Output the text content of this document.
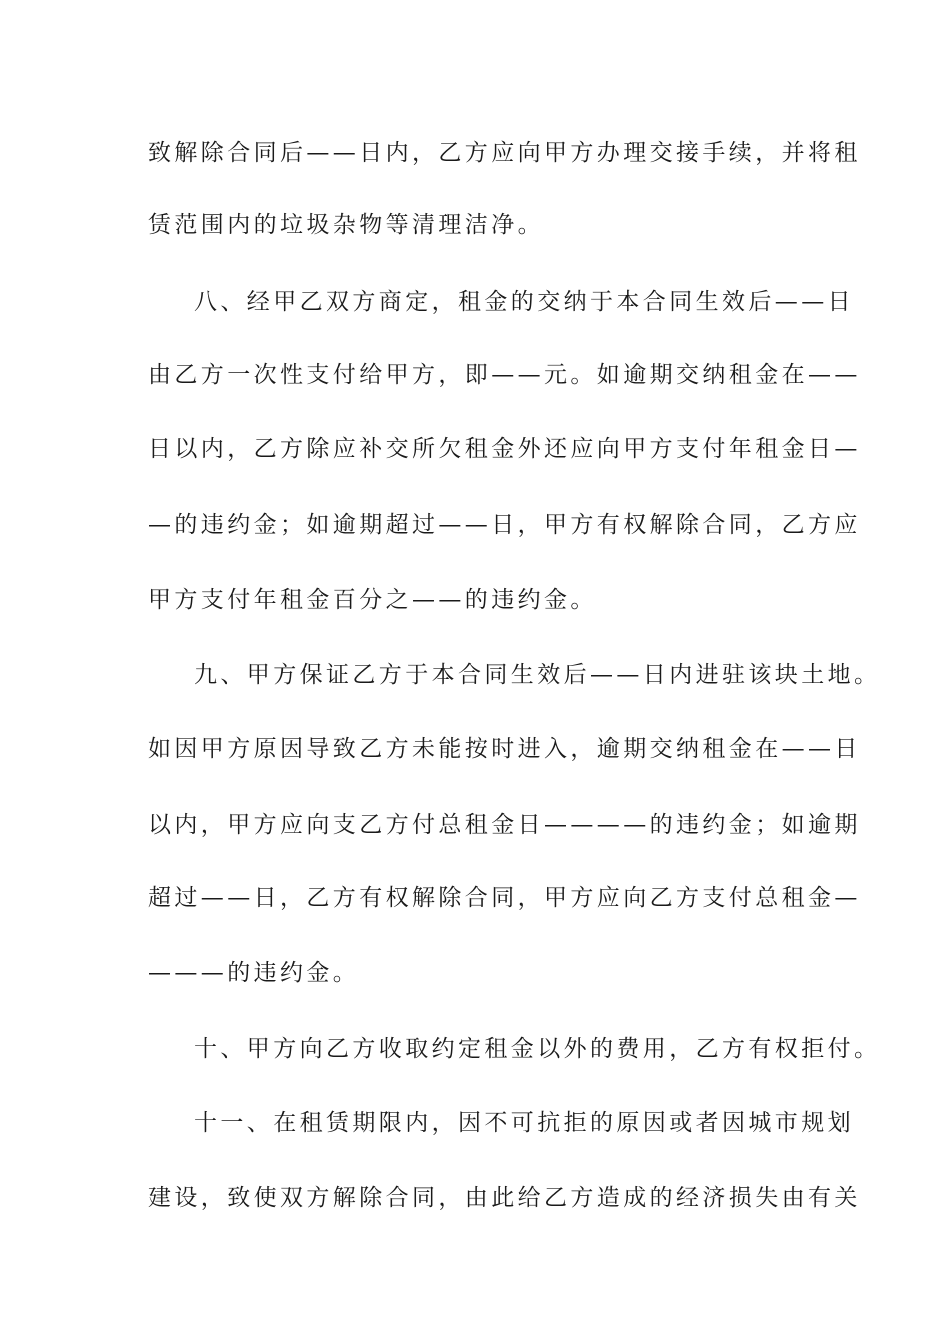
致解除合同后——日内，乙方应向甲方办理交接手续，并将租
赁范围内的垃圾杂物等清理洁净。
八、经甲乙双方商定，租金的交纳于本合同生效后——日
由乙方一次性支付给甲方，即——元。如逾期交纳租金在——
日以内，乙方除应补交所欠租金外还应向甲方支付年租金日—
—的违约金；如逾期超过——日，甲方有权解除合同，乙方应
甲方支付年租金百分之——的违约金。
九、甲方保证乙方于本合同生效后——日内进驻该块土地。
如因甲方原因导致乙方未能按时进入，逾期交纳租金在——日
以内，甲方应向支乙方付总租金日————的违约金；如逾期
超过——日，乙方有权解除合同，甲方应向乙方支付总租金—
———的违约金。
十、甲方向乙方收取约定租金以外的费用，乙方有权拒付。
十一、在租赁期限内，因不可抗拒的原因或者因城市规划
建设，致使双方解除合同，由此给乙方造成的经济损失由有关
